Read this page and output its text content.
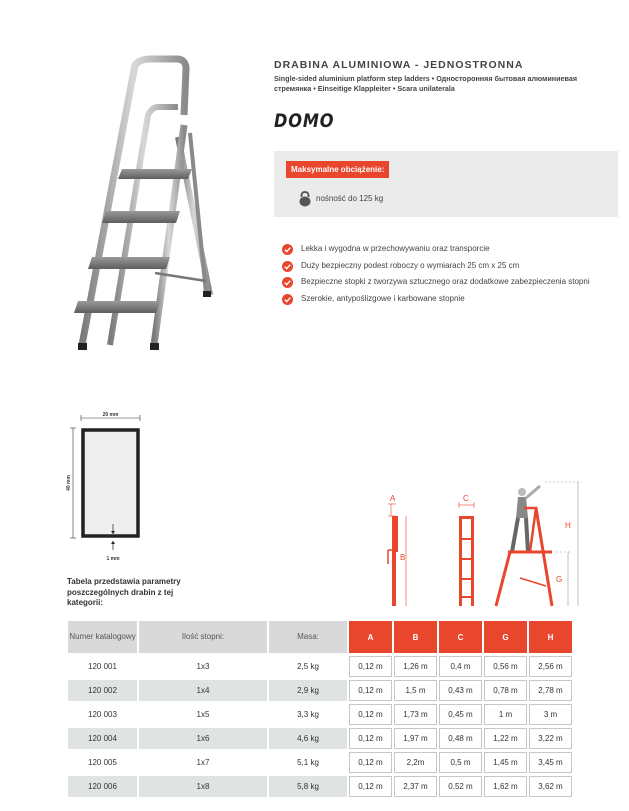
DRABINA ALUMINIOWA - JEDNOSTRONNA
Single-sided aluminium platform step ladders • Односторонняя бытовая алюминиевая стремянка • Einseitige Klappleiter • Scara unilaterala
DOMO
Maksymalne obciążenie:
nośność do 125 kg
Lekka i wygodna w przechowywaniu oraz transporcie
Duży bezpieczny podest roboczy o wymiarach 25 cm x 25 cm
Bezpieczne stopki z tworzywa sztucznego oraz dodatkowe zabezpieczenia stopni
Szerokie, antypoślizgowe i karbowane stopnie
20 mm
40 mm
1 mm
Tabela przedstawia parametry poszczególnych drabin z tej kategorii:
A
B
C
H
G
Numer katalogowy	Ilość stopni:	Masa:	A	B	C	G	H
120 001	1x3	2,5 kg	0,12 m	1,26 m	0,4 m	0,56 m	2,56 m
120 002	1x4	2,9 kg	0,12 m	1,5 m	0,43 m	0,78 m	2,78 m
120 003	1x5	3,3 kg	0,12 m	1,73 m	0,45 m	1 m	3 m
120 004	1x6	4,6 kg	0,12 m	1,97 m	0,48 m	1,22 m	3,22 m
120 005	1x7	5,1 kg	0,12 m	2,2m	0,5 m	1,45 m	3,45 m
120 006	1x8	5,8 kg	0,12 m	2,37 m	0,52 m	1,62 m	3,62 m
